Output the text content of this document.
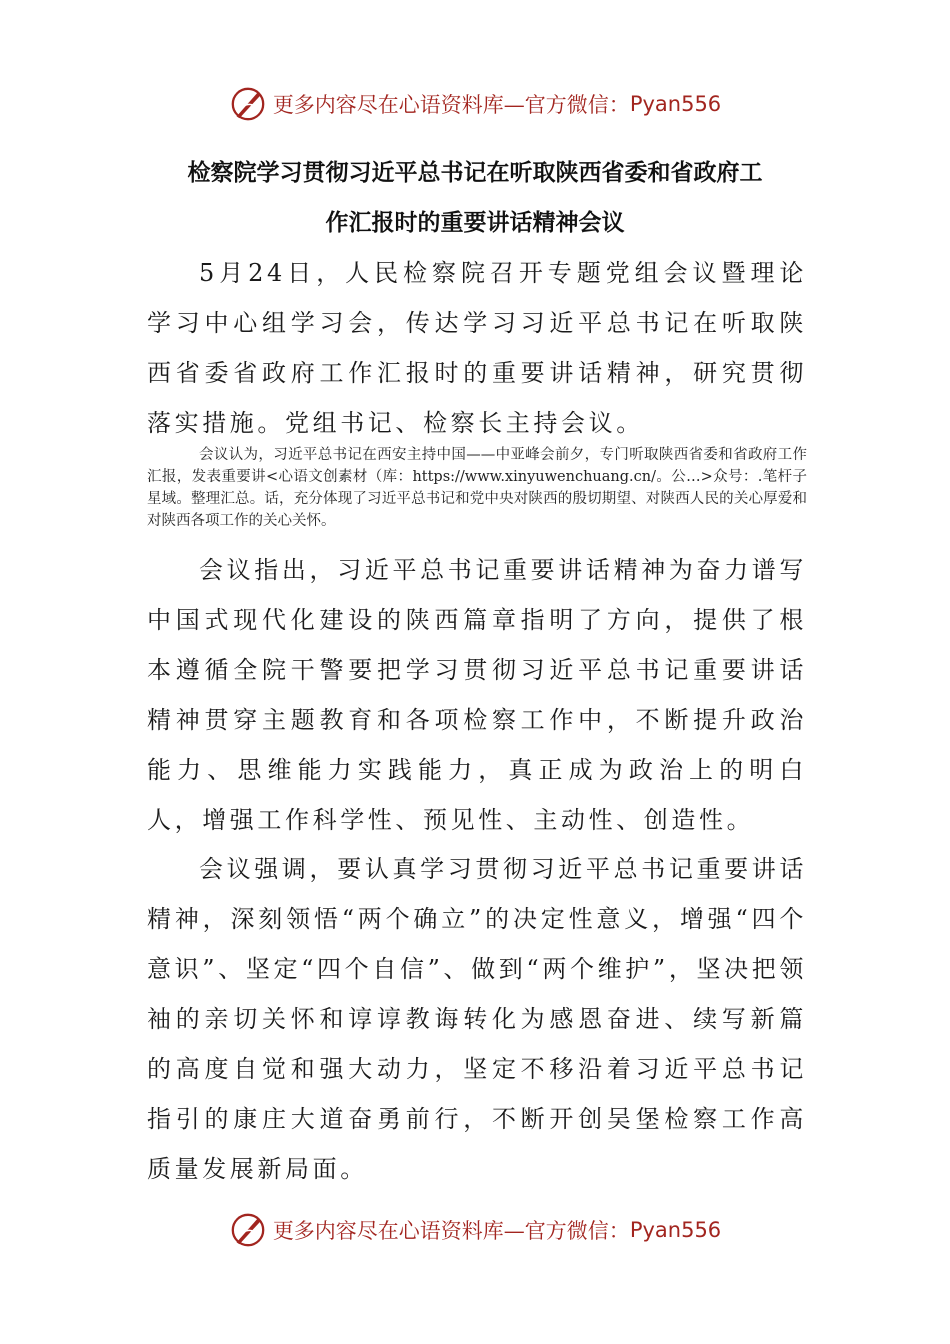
更多内容尽在心语资料库—官方微信： Pyan556
检察院学习贯彻习近平总书记在听取陕西省委和省政府工
作汇报时的重要讲话精神会议
5月24日，人民检察院召开专题党组会议暨理论学习中心组学习会，传达学习习近平总书记在听取陕西省委省政府工作汇报时的重要讲话精神，研究贯彻落实措施。党组书记、检察长主持会议。
会议认为，习近平总书记在西安主持中国——中亚峰会前夕，专门听取陕西省委和省政府工作汇报，发表重要讲<心语文创素材（库：https://www.xinyuwenchuang.cn/。公…>众号：.笔杆子星域。整理汇总。话，充分体现了习近平总书记和党中央对陕西的殷切期望、对陕西人民的关心厚爱和对陕西各项工作的关心关怀。
会议指出，习近平总书记重要讲话精神为奋力谱写中国式现代化建设的陕西篇章指明了方向，提供了根本遵循全院干警要把学习贯彻习近平总书记重要讲话精神贯穿主题教育和各项检察工作中，不断提升政治能力、思维能力实践能力，真正成为政治上的明白人，增强工作科学性、预见性、主动性、创造性。
会议强调，要认真学习贯彻习近平总书记重要讲话精神，深刻领悟“两个确立”的决定性意义，增强“四个意识”、坚定“四个自信”、做到“两个维护”，坚决把领袖的亲切关怀和谆谆教诲转化为感恩奋进、续写新篇的高度自觉和强大动力，坚定不移沿着习近平总书记指引的康庄大道奋勇前行，不断开创吴堡检察工作高质量发展新局面。
更多内容尽在心语资料库—官方微信： Pyan556
